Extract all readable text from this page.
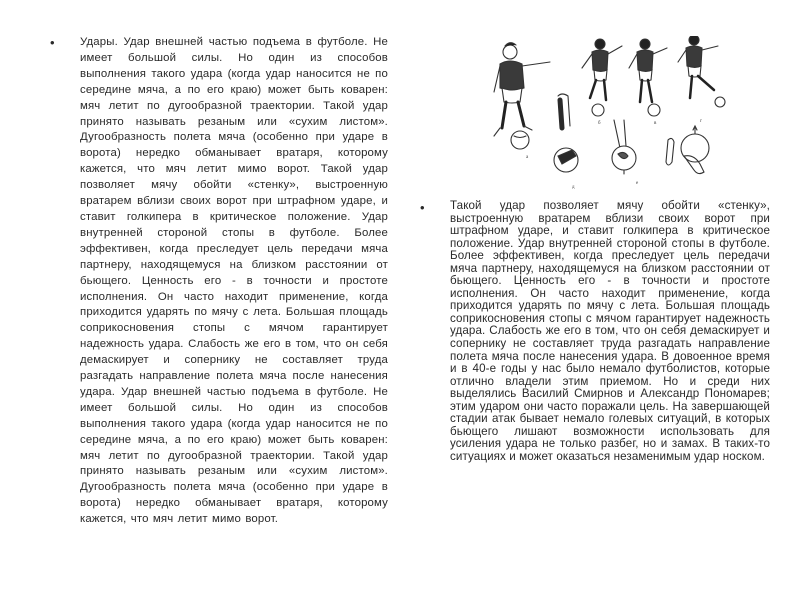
•	Удары. Удар внешней частью подъема в футболе. Не имеет большой силы. Но один из способов выполнения такого удара (когда удар наносится не по середине мяча, а по его краю) может быть коварен: мяч летит по дугообразной траектории. Такой удар принято называть резаным или «сухим листом». Дугообразность полета мяча (особенно при ударе в ворота) нередко обманывает вратаря, которому кажется, что мяч летит мимо ворот. Такой удар позволяет мячу обойти «стенку», выстроенную вратарем вблизи своих ворот при штрафном ударе, и ставит голкипера в критическое положение. Удар внутренней стороной стопы в футболе. Более эффективен, когда преследует цель передачи мяча партнеру, находящемуся на близком расстоянии от бьющего. Ценность его - в точности и простоте исполнения. Он часто находит применение, когда приходится ударять по мячу с лета. Большая площадь соприкосновения стопы с мячом гарантирует надежность удара. Слабость же его в том, что он себя демаскирует и сопернику не составляет труда разгадать направление полета мяча после нанесения удара. Удар внешней частью подъема в футболе. Не имеет большой силы. Но один из способов выполнения такого удара (когда удар наносится не по середине мяча, а по его краю) может быть коварен: мяч летит по дугообразной траектории. Такой удар принято называть резаным или «сухим листом». Дугообразность полета мяча (особенно при ударе в ворота) нередко обманывает вратаря, которому кажется, что мяч летит мимо ворот.

а
б	в	г
д
е
•	Такой удар позволяет мячу обойти «стенку», выстроенную вратарем вблизи своих ворот при штрафном ударе, и ставит голкипера в критическое положение. Удар внутренней стороной стопы в футболе. Более эффективен, когда преследует цель передачи мяча партнеру, находящемуся на близком расстоянии от бьющего. Ценность его - в точности и простоте исполнения. Он часто находит применение, когда приходится ударять по мячу с лета. Большая площадь соприкосновения стопы с мячом гарантирует надежность удара. Слабость же его в том, что он себя демаскирует и сопернику не составляет труда разгадать направление полета мяча после нанесения удара. В довоенное время и в 40-е годы у нас было немало футболистов, которые отлично владели этим приемом. Но и среди них выделялись Василий Смирнов и Александр Пономарев; этим ударом они часто поражали цель. На завершающей стадии атак бывает немало голевых ситуаций, в которых бьющего лишают возможности использовать для усиления удара не только разбег, но и замах. В таких-то ситуациях и может оказаться незаменимым удар носком.
